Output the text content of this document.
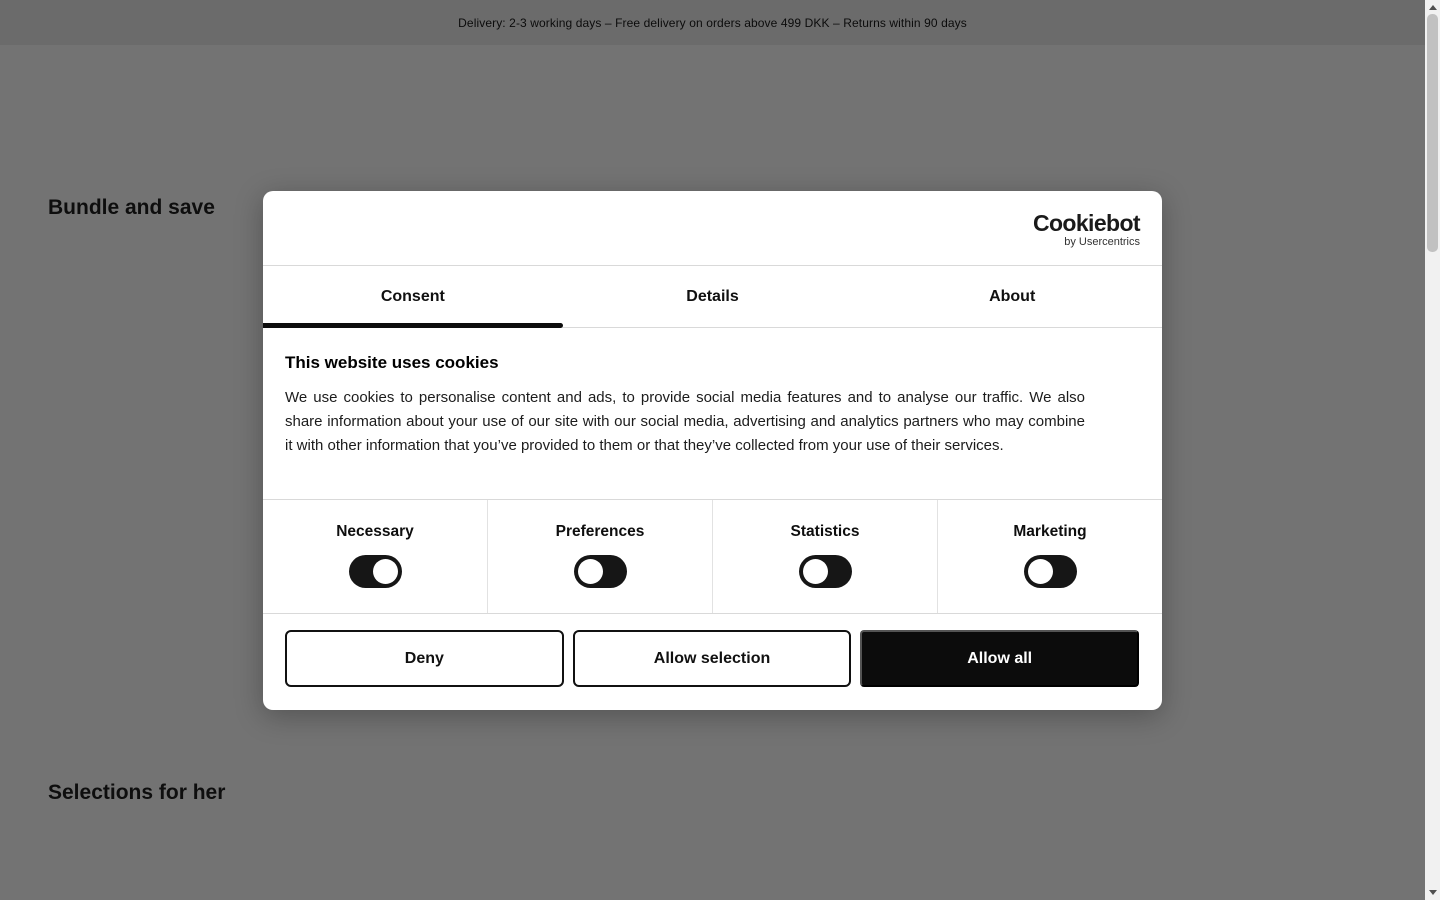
Cookiebot
by Usercentrics
Consent	Details	About
This website uses cookies

We use cookies to personalise content and ads, to provide social media features and to analyse our traffic. We also share information about your use of our site with our social media, advertising and analytics partners who may combine it with other information that you’ve provided to them or that they’ve collected from your use of their services.

Necessary	Preferences	Statistics	Marketing
Deny	Allow selection	Allow all
